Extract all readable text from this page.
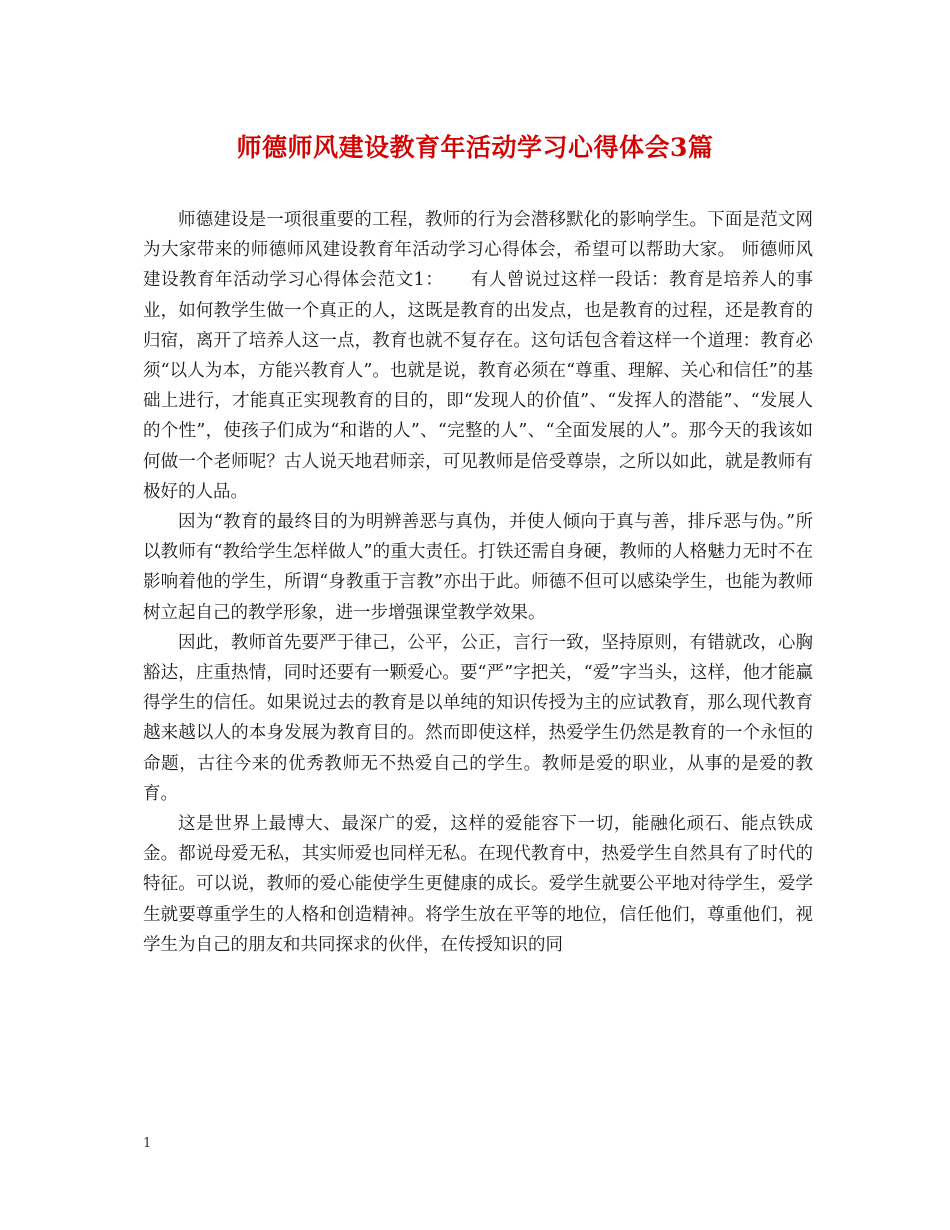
师德师风建设教育年活动学习心得体会3篇

师德建设是一项很重要的工程，教师的行为会潜移默化的影响学生。下面是范文网为大家带来的师德师风建设教育年活动学习心得体会，希望可以帮助大家。 师德师风建设教育年活动学习心得体会范文1：　　有人曾说过这样一段话：教育是培养人的事业，如何教学生做一个真正的人，这既是教育的出发点，也是教育的过程，还是教育的归宿，离开了培养人这一点，教育也就不复存在。这句话包含着这样一个道理：教育必须“以人为本，方能兴教育人”。也就是说，教育必须在“尊重、理解、关心和信任”的基础上进行，才能真正实现教育的目的，即“发现人的价值”、“发挥人的潜能”、“发展人的个性”，使孩子们成为“和谐的人”、“完整的人”、“全面发展的人”。那今天的我该如何做一个老师呢？古人说天地君师亲，可见教师是倍受尊崇，之所以如此，就是教师有极好的人品。

因为“教育的最终目的为明辨善恶与真伪，并使人倾向于真与善，排斥恶与伪。”所以教师有“教给学生怎样做人”的重大责任。打铁还需自身硬，教师的人格魅力无时不在影响着他的学生，所谓“身教重于言教”亦出于此。师德不但可以感染学生，也能为教师树立起自己的教学形象，进一步增强课堂教学效果。

因此，教师首先要严于律己，公平，公正，言行一致，坚持原则，有错就改，心胸豁达，庄重热情，同时还要有一颗爱心。要“严”字把关，“爱”字当头，这样，他才能赢得学生的信任。如果说过去的教育是以单纯的知识传授为主的应试教育，那么现代教育越来越以人的本身发展为教育目的。然而即使这样，热爱学生仍然是教育的一个永恒的命题，古往今来的优秀教师无不热爱自己的学生。教师是爱的职业，从事的是爱的教育。

这是世界上最博大、最深广的爱，这样的爱能容下一切，能融化顽石、能点铁成金。都说母爱无私，其实师爱也同样无私。在现代教育中，热爱学生自然具有了时代的特征。可以说，教师的爱心能使学生更健康的成长。爱学生就要公平地对待学生，爱学生就要尊重学生的人格和创造精神。将学生放在平等的地位，信任他们，尊重他们，视学生为自己的朋友和共同探求的伙伴，在传授知识的同

1
